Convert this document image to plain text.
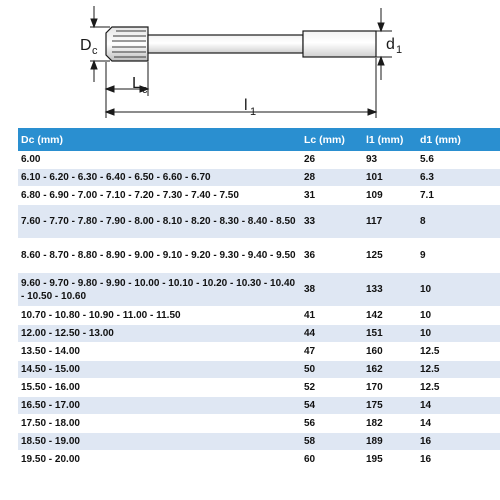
D c	d 1
L c
l 1
Dc (mm)	Lc (mm)	l1 (mm)	d1 (mm)
6.00	26	93	5.6
6.10 - 6.20 - 6.30 - 6.40 - 6.50 - 6.60 - 6.70	28	101	6.3
6.80 - 6.90 - 7.00 - 7.10 - 7.20 - 7.30 - 7.40 - 7.50	31	109	7.1
7.60 - 7.70 - 7.80 - 7.90 - 8.00 - 8.10 - 8.20 - 8.30 - 8.40 - 8.50	33	117	8
8.60 - 8.70 - 8.80 - 8.90 - 9.00 - 9.10 - 9.20 - 9.30 - 9.40 - 9.50	36	125	9
9.60 - 9.70 - 9.80 - 9.90 - 10.00 - 10.10 - 10.20 - 10.30 - 10.40 - 10.50 - 10.60	38	133	10
10.70 - 10.80 - 10.90 - 11.00 - 11.50	41	142	10
12.00 - 12.50 - 13.00	44	151	10
13.50 - 14.00	47	160	12.5
14.50 - 15.00	50	162	12.5
15.50 - 16.00	52	170	12.5
16.50 - 17.00	54	175	14
17.50 - 18.00	56	182	14
18.50 - 19.00	58	189	16
19.50 - 20.00	60	195	16
